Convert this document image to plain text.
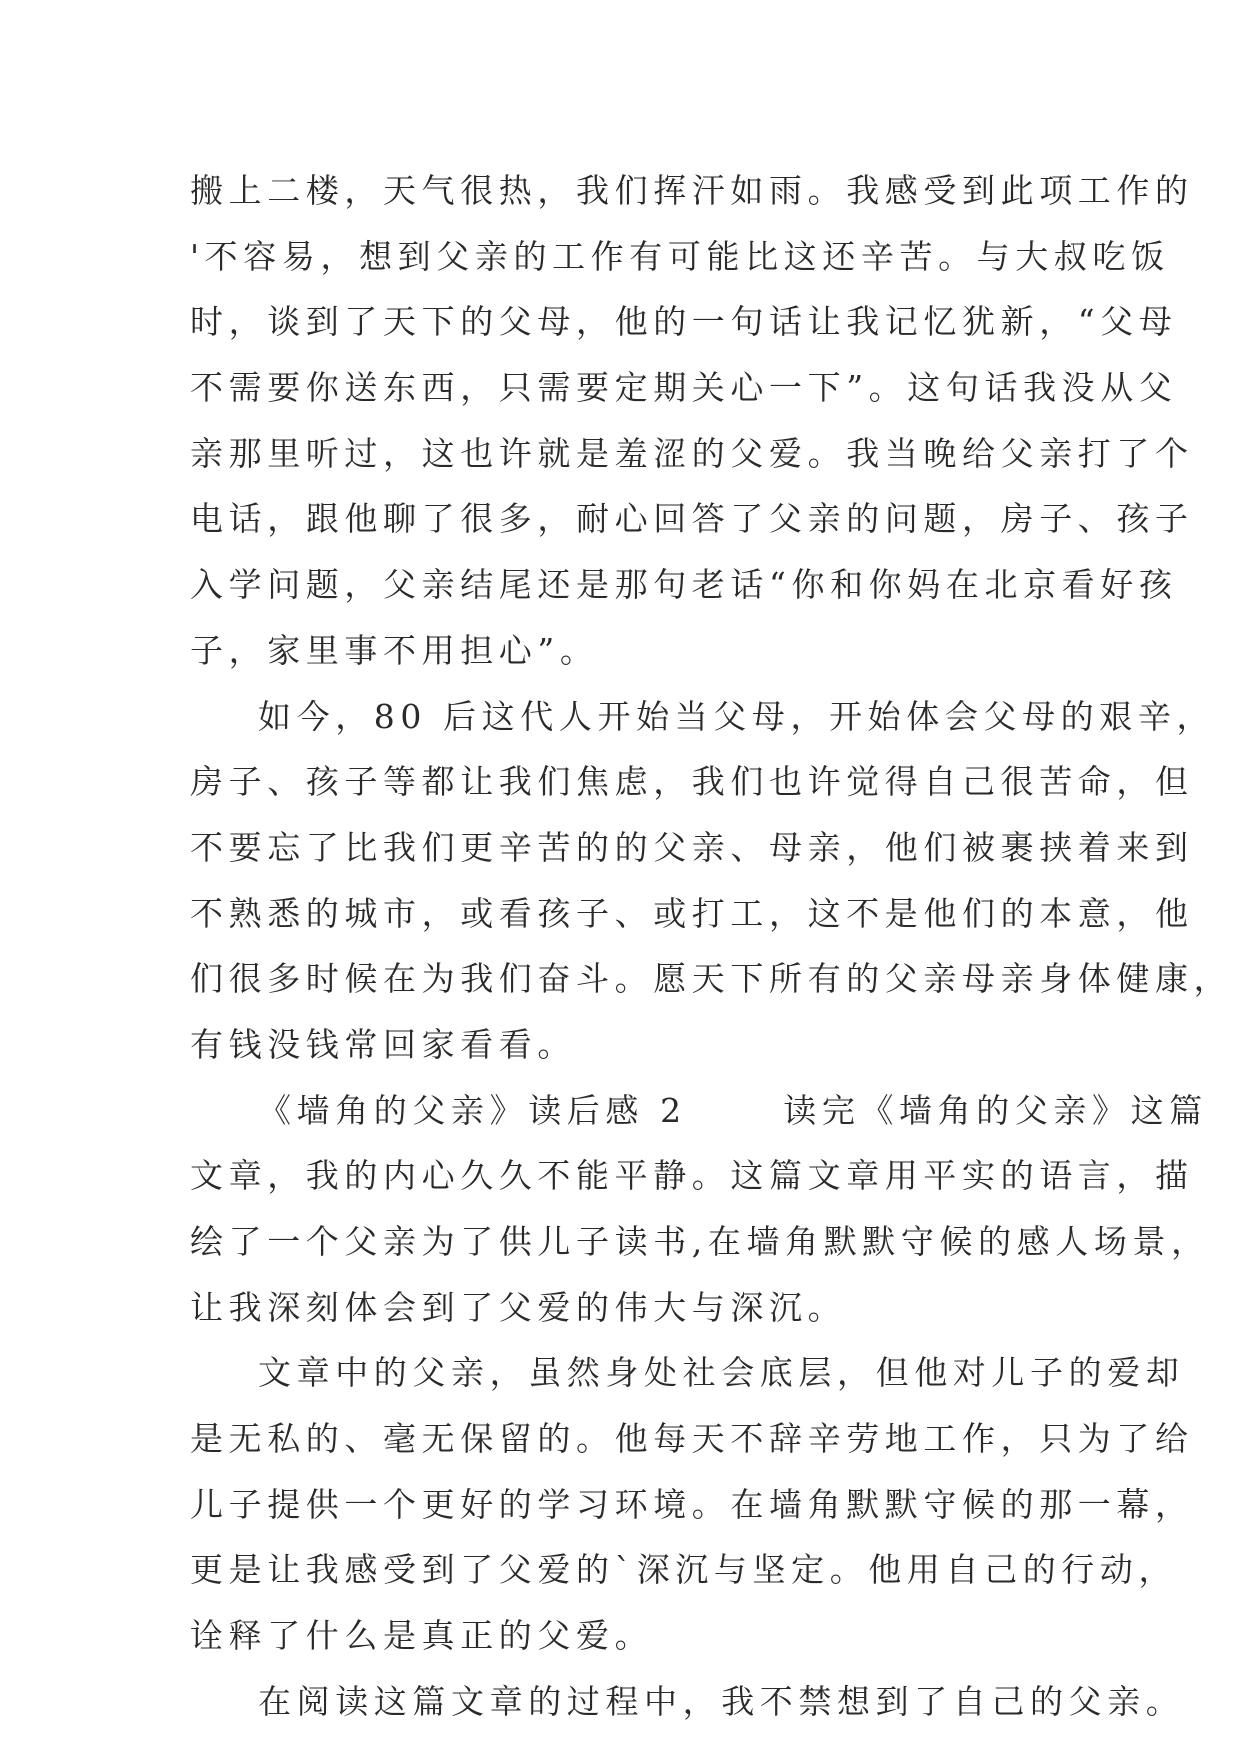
搬上二楼，天气很热，我们挥汗如雨。我感受到此项工作的
'不容易，想到父亲的工作有可能比这还辛苦。与大叔吃饭
时，谈到了天下的父母，他的一句话让我记忆犹新，“父母
不需要你送东西，只需要定期关心一下”。这句话我没从父
亲那里听过，这也许就是羞涩的父爱。我当晚给父亲打了个
电话，跟他聊了很多，耐心回答了父亲的问题，房子、孩子
入学问题，父亲结尾还是那句老话“你和你妈在北京看好孩
子，家里事不用担心”。
如今，80 后这代人开始当父母，开始体会父母的艰辛，
房子、孩子等都让我们焦虑，我们也许觉得自己很苦命，但
不要忘了比我们更辛苦的的父亲、母亲，他们被裹挟着来到
不熟悉的城市，或看孩子、或打工，这不是他们的本意，他
们很多时候在为我们奋斗。愿天下所有的父亲母亲身体健康，
有钱没钱常回家看看。
《墙角的父亲》读后感 2      读完《墙角的父亲》这篇
文章，我的内心久久不能平静。这篇文章用平实的语言，描
绘了一个父亲为了供儿子读书,在墙角默默守候的感人场景，
让我深刻体会到了父爱的伟大与深沉。
文章中的父亲，虽然身处社会底层，但他对儿子的爱却
是无私的、毫无保留的。他每天不辞辛劳地工作，只为了给
儿子提供一个更好的学习环境。在墙角默默守候的那一幕，
更是让我感受到了父爱的`深沉与坚定。他用自己的行动，
诠释了什么是真正的父爱。
在阅读这篇文章的过程中，我不禁想到了自己的父亲。
